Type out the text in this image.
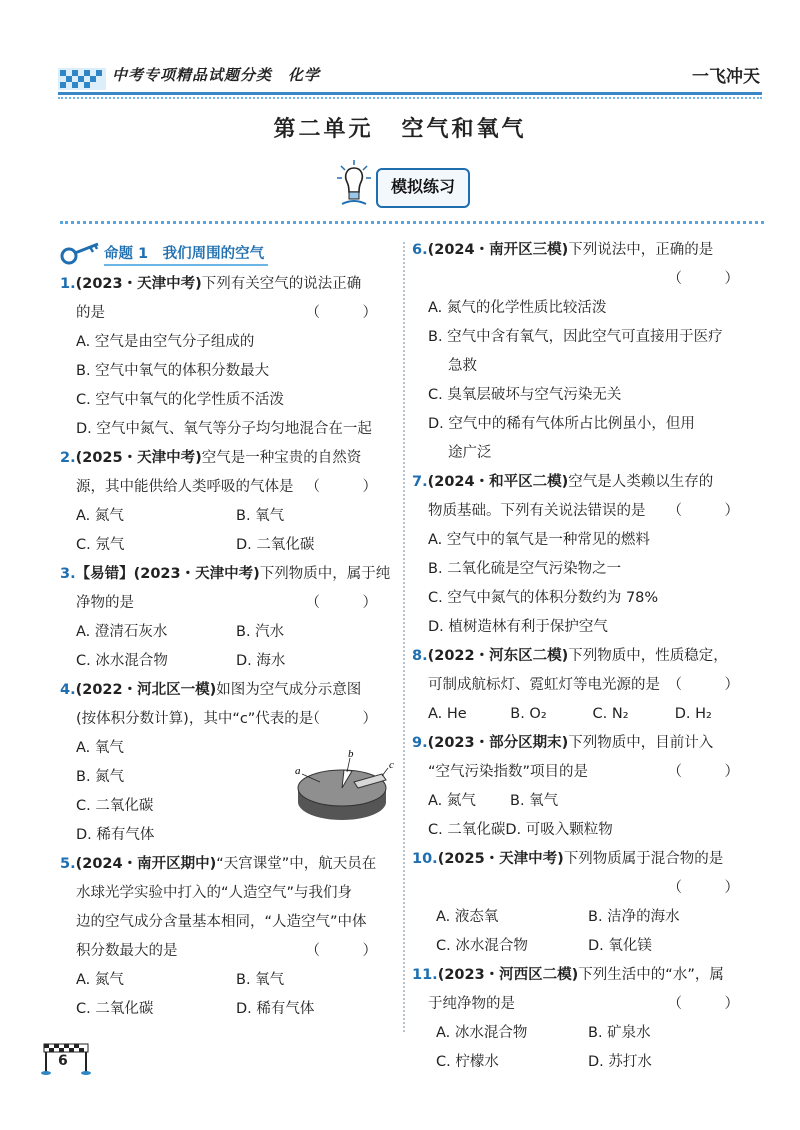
中考专项精品试题分类 化学	一飞冲天
第二单元 空气和氧气
模拟练习
命题 1　我们周围的空气
1.(2023・天津中考)下列有关空气的说法正确
的是	（　）
A. 空气是由空气分子组成的
B. 空气中氧气的体积分数最大
C. 空气中氧气的化学性质不活泼
D. 空气中氮气、氧气等分子均匀地混合在一起
2.(2025・天津中考)空气是一种宝贵的自然资
源，其中能供给人类呼吸的气体是 （　）
A. 氮气	B. 氧气
C. 氖气	D. 二氧化碳
3.【易错】(2023・天津中考)下列物质中，属于纯
净物的是	（　）
A. 澄清石灰水	B. 汽水
C. 冰水混合物	D. 海水
4.(2022・河北区一模)如图为空气成分示意图
(按体积分数计算)，其中“c”代表的是
（　）
A. 氧气
B. 氮气
C. 二氧化碳
D. 稀有气体
5.(2024・南开区期中)“天宫课堂”中，航天员在
水球光学实验中打入的“人造空气”与我们身
边的空气成分含量基本相同，“人造空气”中体
积分数最大的是	（　）
A. 氮气	B. 氧气
C. 二氧化碳	D. 稀有气体
a
b
c
6.(2024・南开区三模)下列说法中，正确的是
（　）
A. 氮气的化学性质比较活泼
B. 空气中含有氧气，因此空气可直接用于医疗
急救
C. 臭氧层破坏与空气污染无关
D. 空气中的稀有气体所占比例虽小，但用
途广泛
7.(2024・和平区二模)空气是人类赖以生存的
物质基础。下列有关说法错误的是 （　）
A. 空气中的氧气是一种常见的燃料
B. 二氧化硫是空气污染物之一
C. 空气中氮气的体积分数约为 78%
D. 植树造林有利于保护空气
8.(2022・河东区二模)下列物质中，性质稳定，
可制成航标灯、霓虹灯等电光源的是 （　）
A. He	B. O₂	C. N₂	D. H₂
9.(2023・部分区期末)下列物质中，目前计入
“空气污染指数”项目的是	（　）
A. 氮气	B. 氧气
C. 二氧化碳D. 可吸入颗粒物
10.(2025・天津中考)下列物质属于混合物的是
（　）
A. 液态氧	B. 洁净的海水
C. 冰水混合物	D. 氧化镁
11.(2023・河西区二模)下列生活中的“水”，属
于纯净物的是	（　）
A. 冰水混合物	B. 矿泉水
C. 柠檬水	D. 苏打水
6
